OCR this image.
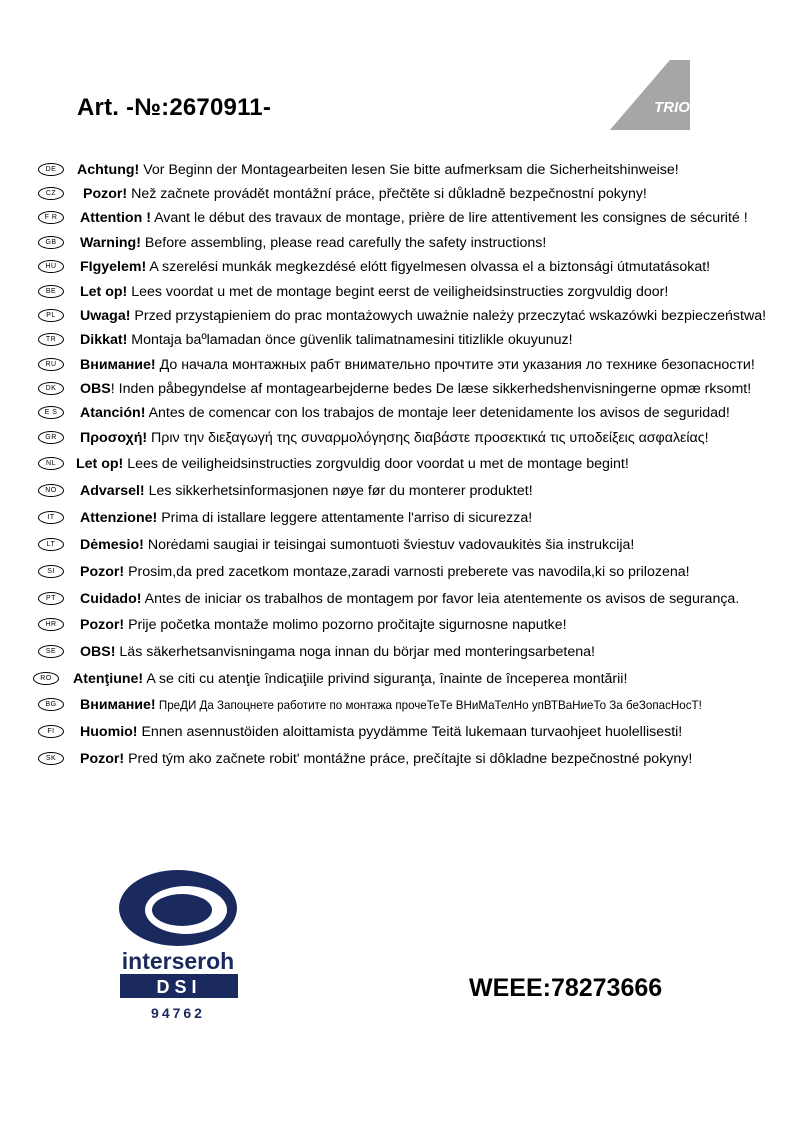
Art. -№:2670911-	TRIO
DE	Achtung! Vor Beginn der Montagearbeiten lesen Sie bitte aufmerksam die Sicherheitshinweise!
CZ	Pozor! Než začnete provádět montážní práce, přečtěte si důkladně bezpečnostní pokyny!
F R	Attention ! Avant le début des travaux de montage, prière de lire attentivement les consignes de sécurité !
GB	Warning! Before assembling, please read carefully the safety instructions!
HU	FIgyelem! A szerelési munkák megkezdésé elótt figyelmesen olvassa el a biztonsági útmutatásokat!
BE	Let op! Lees voordat u met de montage begint eerst de veiligheidsinstructies zorgvuldig door!
PL	Uwaga! Przed przystąpieniem do prac montażowych uważnie należy przeczytać wskazówki bezpieczeństwa!
TR	Dikkat! Montaja baºlamadan önce güvenlik talimatnamesini titizlikle okuyunuz!
RU	Внимание! До начала монтажных рабт внимательно прочтите эти указания ло технике безопасности!
DK	OBS! Inden påbegyndelse af montagearbejderne bedes De læse sikkerhedshenvisningerne opmæ rksomt!
E S	Atanción! Antes de comencar con los trabajos de montaje leer detenidamente los avisos de seguridad!
GR	Προσοχή! Πριν την διεξαγωγή της συναρμολόγησης διαβάστε προσεκτικά τις υποδείξεις ασφαλείας!
NL	Let op! Lees de veiligheidsinstructies zorgvuldig door voordat u met de montage begint!
NO	Advarsel! Les sikkerhetsinformasjonen nøye før du monterer produktet!
IT	Attenzione! Prima di istallare leggere attentamente l'arriso di sicurezza!
LT	Dėmesio! Norėdami saugiai ir teisingai sumontuoti šviestuv vadovaukitės šia instrukcija!
SI	Pozor! Prosim,da pred zacetkom montaze,zaradi varnosti preberete vas navodila,ki so prilozena!
PT	Cuidado! Antes de iniciar os trabalhos de montagem por favor leia atentemente os avisos de segurança.
HR	Pozor! Prije početka montaže molimo pozorno pročitajte sigurnosne naputke!
SE	OBS! Läs säkerhetsanvisningama noga innan du börjar med monteringsarbetena!
RO	Atenţiune! A se citi cu atenţie îndicaţiile privind siguranţa, înainte de începerea montării!
BG	Внимание! ПреДИ Да Запоцнете работите по монтажа прочеТеТе ВНиМаТелНо упВТВаНиеТо За беЗопасНосТ!
FI	Huomio! Ennen asennustöiden aloittamista pyydämme Teitä lukemaan turvaohjeet huolellisesti!
SK	Pozor! Pred tým ako začnete robit' montážne práce, prečítajte si dôkladne bezpečnostné pokyny!
interseroh
DSI
94762
WEEE:78273666
